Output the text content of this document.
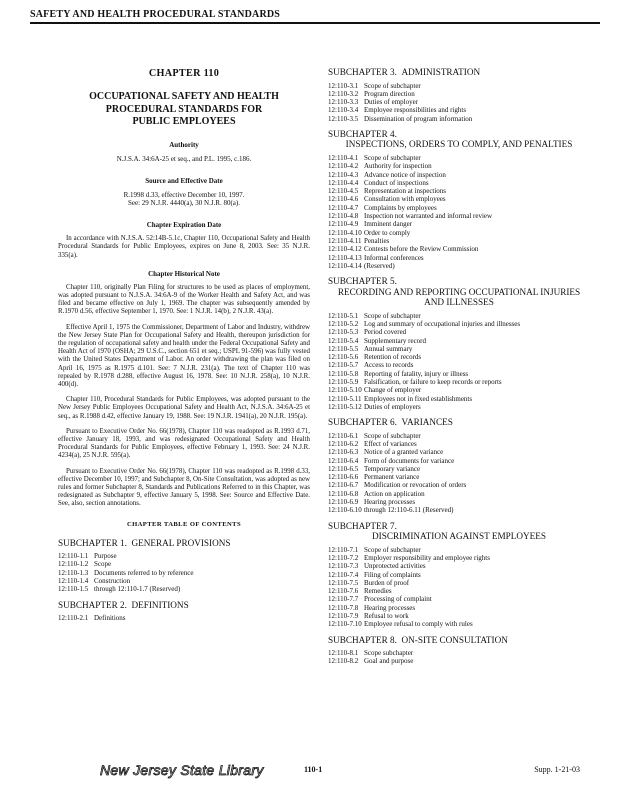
SAFETY AND HEALTH PROCEDURAL STANDARDS
CHAPTER 110
OCCUPATIONAL SAFETY AND HEALTH
PROCEDURAL STANDARDS FOR
PUBLIC EMPLOYEES
Authority
N.J.S.A. 34:6A-25 et seq., and P.L. 1995, c.186.
Source and Effective Date
R.1998 d.33, effective December 10, 1997.
See: 29 N.J.R. 4440(a), 30 N.J.R. 80(a).
Chapter Expiration Date

In accordance with N.J.S.A. 52:14B-5.1c, Chapter 110, Occupational Safety and Health Procedural Standards for Public Employees, expires on June 8, 2003. See: 35 N.J.R. 335(a).

Chapter Historical Note

Chapter 110, originally Plan Filing for structures to be used as places of employment, was adopted pursuant to N.J.S.A. 34:6A-9 of the Worker Health and Safety Act, and was filed and became effective on July 1, 1969. The chapter was subsequently amended by R.1970 d.56, effective September 1, 1970. See: 1 N.J.R. 14(b), 2 N.J.R. 43(a).

Effective April 1, 1975 the Commissioner, Department of Labor and Industry, withdrew the New Jersey State Plan for Occupational Safety and Health, thereupon jurisdiction for the regulation of occupational safety and health under the Federal Occupational Safety and Health Act of 1970 (OSHA; 29 U.S.C., section 651 et seq.; USPL 91-596) was fully vested with the United States Department of Labor. An order withdrawing the plan was filed on April 16, 1975 as R.1975 d.101. See: 7 N.J.R. 231(a). The text of Chapter 110 was repealed by R.1978 d.288, effective August 16, 1978. See: 10 N.J.R. 258(a), 10 N.J.R. 400(d).

Chapter 110, Procedural Standards for Public Employees, was adopted pursuant to the New Jersey Public Employees Occupational Safety and Health Act, N.J.S.A. 34:6A-25 et seq., as R.1988 d.42, effective January 19, 1988. See: 19 N.J.R. 1941(a), 20 N.J.R. 195(a).

Pursuant to Executive Order No. 66(1978), Chapter 110 was readopted as R.1993 d.71, effective January 18, 1993, and was redesignated Occupational Safety and Health Procedural Standards for Public Employees, effective February 1, 1993. See: 24 N.J.R. 4234(a), 25 N.J.R. 595(a).

Pursuant to Executive Order No. 66(1978), Chapter 110 was readopted as R.1998 d.33, effective December 10, 1997; and Subchapter 8, On-Site Consultation, was adopted as new rules and former Subchapter 8, Standards and Publications Referred to in this Chapter, was redesignated as Subchapter 9, effective January 5, 1998. See: Source and Effective Date. See, also, section annotations.

CHAPTER TABLE OF CONTENTS
SUBCHAPTER 1. GENERAL PROVISIONS
12:110-1.1 Purpose
12:110-1.2 Scope
12:110-1.3 Documents referred to by reference
12:110-1.4 Construction
12:110-1.5 through 12:110-1.7 (Reserved)
SUBCHAPTER 2. DEFINITIONS
12:110-2.1 Definitions
SUBCHAPTER 3. ADMINISTRATION
12:110-3.1 Scope of subchapter
12:110-3.2 Program direction
12:110-3.3 Duties of employer
12:110-3.4 Employee responsibilities and rights
12:110-3.5 Dissemination of program information
SUBCHAPTER 4.
INSPECTIONS, ORDERS TO COMPLY, AND PENALTIES
12:110-4.1 Scope of subchapter
12:110-4.2 Authority for inspection
12:110-4.3 Advance notice of inspection
12:110-4.4 Conduct of inspections
12:110-4.5 Representation at inspections
12:110-4.6 Consultation with employees
12:110-4.7 Complaints by employees
12:110-4.8 Inspection not warranted and informal review
12:110-4.9 Imminent danger
12:110-4.10 Order to comply
12:110-4.11 Penalties
12:110-4.12 Contests before the Review Commission
12:110-4.13 Informal conferences
12:110-4.14 (Reserved)
SUBCHAPTER 5.
RECORDING AND REPORTING OCCUPATIONAL INJURIES AND ILLNESSES
12:110-5.1 Scope of subchapter
12:110-5.2 Log and summary of occupational injuries and illnesses
12:110-5.3 Period covered
12:110-5.4 Supplementary record
12:110-5.5 Annual summary
12:110-5.6 Retention of records
12:110-5.7 Access to records
12:110-5.8 Reporting of fatality, injury or illness
12:110-5.9 Falsification, or failure to keep records or reports
12:110-5.10 Change of employer
12:110-5.11 Employees not in fixed establishments
12:110-5.12 Duties of employers
SUBCHAPTER 6. VARIANCES
12:110-6.1 Scope of subchapter
12:110-6.2 Effect of variances
12:110-6.3 Notice of a granted variance
12:110-6.4 Form of documents for variance
12:110-6.5 Temporary variance
12:110-6.6 Permanent variance
12:110-6.7 Modification or revocation of orders
12:110-6.8 Action on application
12:110-6.9 Hearing processes
12:110-6.10 through 12:110-6.11 (Reserved)
SUBCHAPTER 7.
DISCRIMINATION AGAINST EMPLOYEES
12:110-7.1 Scope of subchapter
12:110-7.2 Employer responsibility and employee rights
12:110-7.3 Unprotected activities
12:110-7.4 Filing of complaints
12:110-7.5 Burden of proof
12:110-7.6 Remedies
12:110-7.7 Processing of complaint
12:110-7.8 Hearing processes
12:110-7.9 Refusal to work
12:110-7.10 Employee refusal to comply with rules
SUBCHAPTER 8. ON-SITE CONSULTATION
12:110-8.1 Scope subchapter
12:110-8.2 Goal and purpose
New Jersey State Library	110-1	Supp. 1-21-03
